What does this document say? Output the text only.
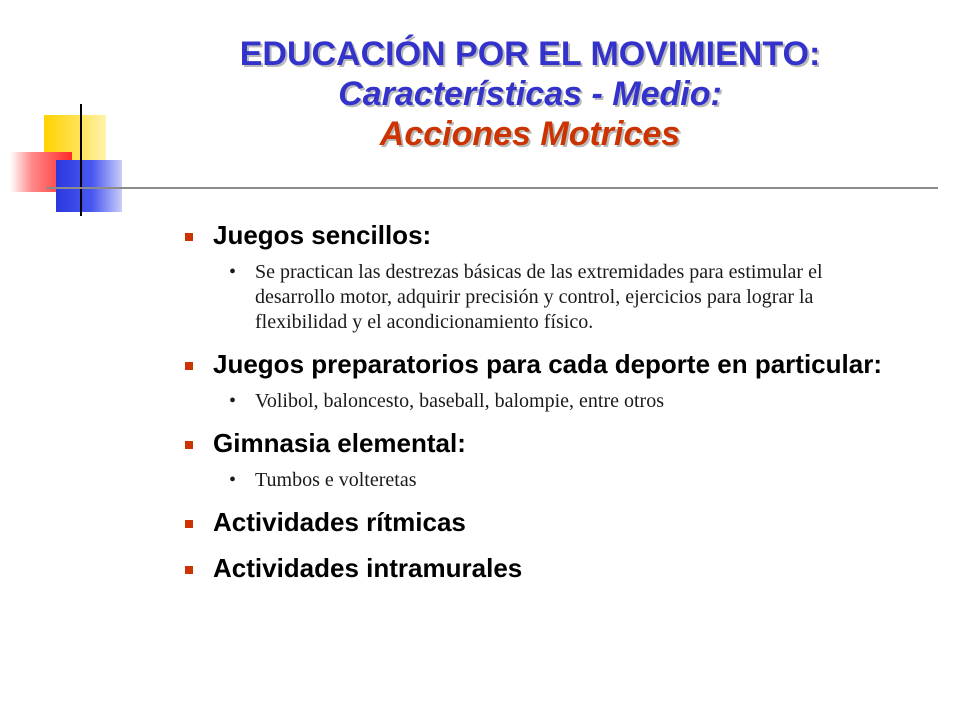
EDUCACIÓN POR EL MOVIMIENTO:
Características - Medio:
Acciones Motrices
Juegos sencillos:
• Se practican las destrezas básicas de las extremidades para estimular el desarrollo motor, adquirir precisión y control, ejercicios para lograr la flexibilidad y el acondicionamiento físico.
Juegos preparatorios para cada deporte en particular:
• Volibol, baloncesto, baseball, balompie, entre otros
Gimnasia elemental:
• Tumbos e volteretas
Actividades rítmicas
Actividades intramurales
